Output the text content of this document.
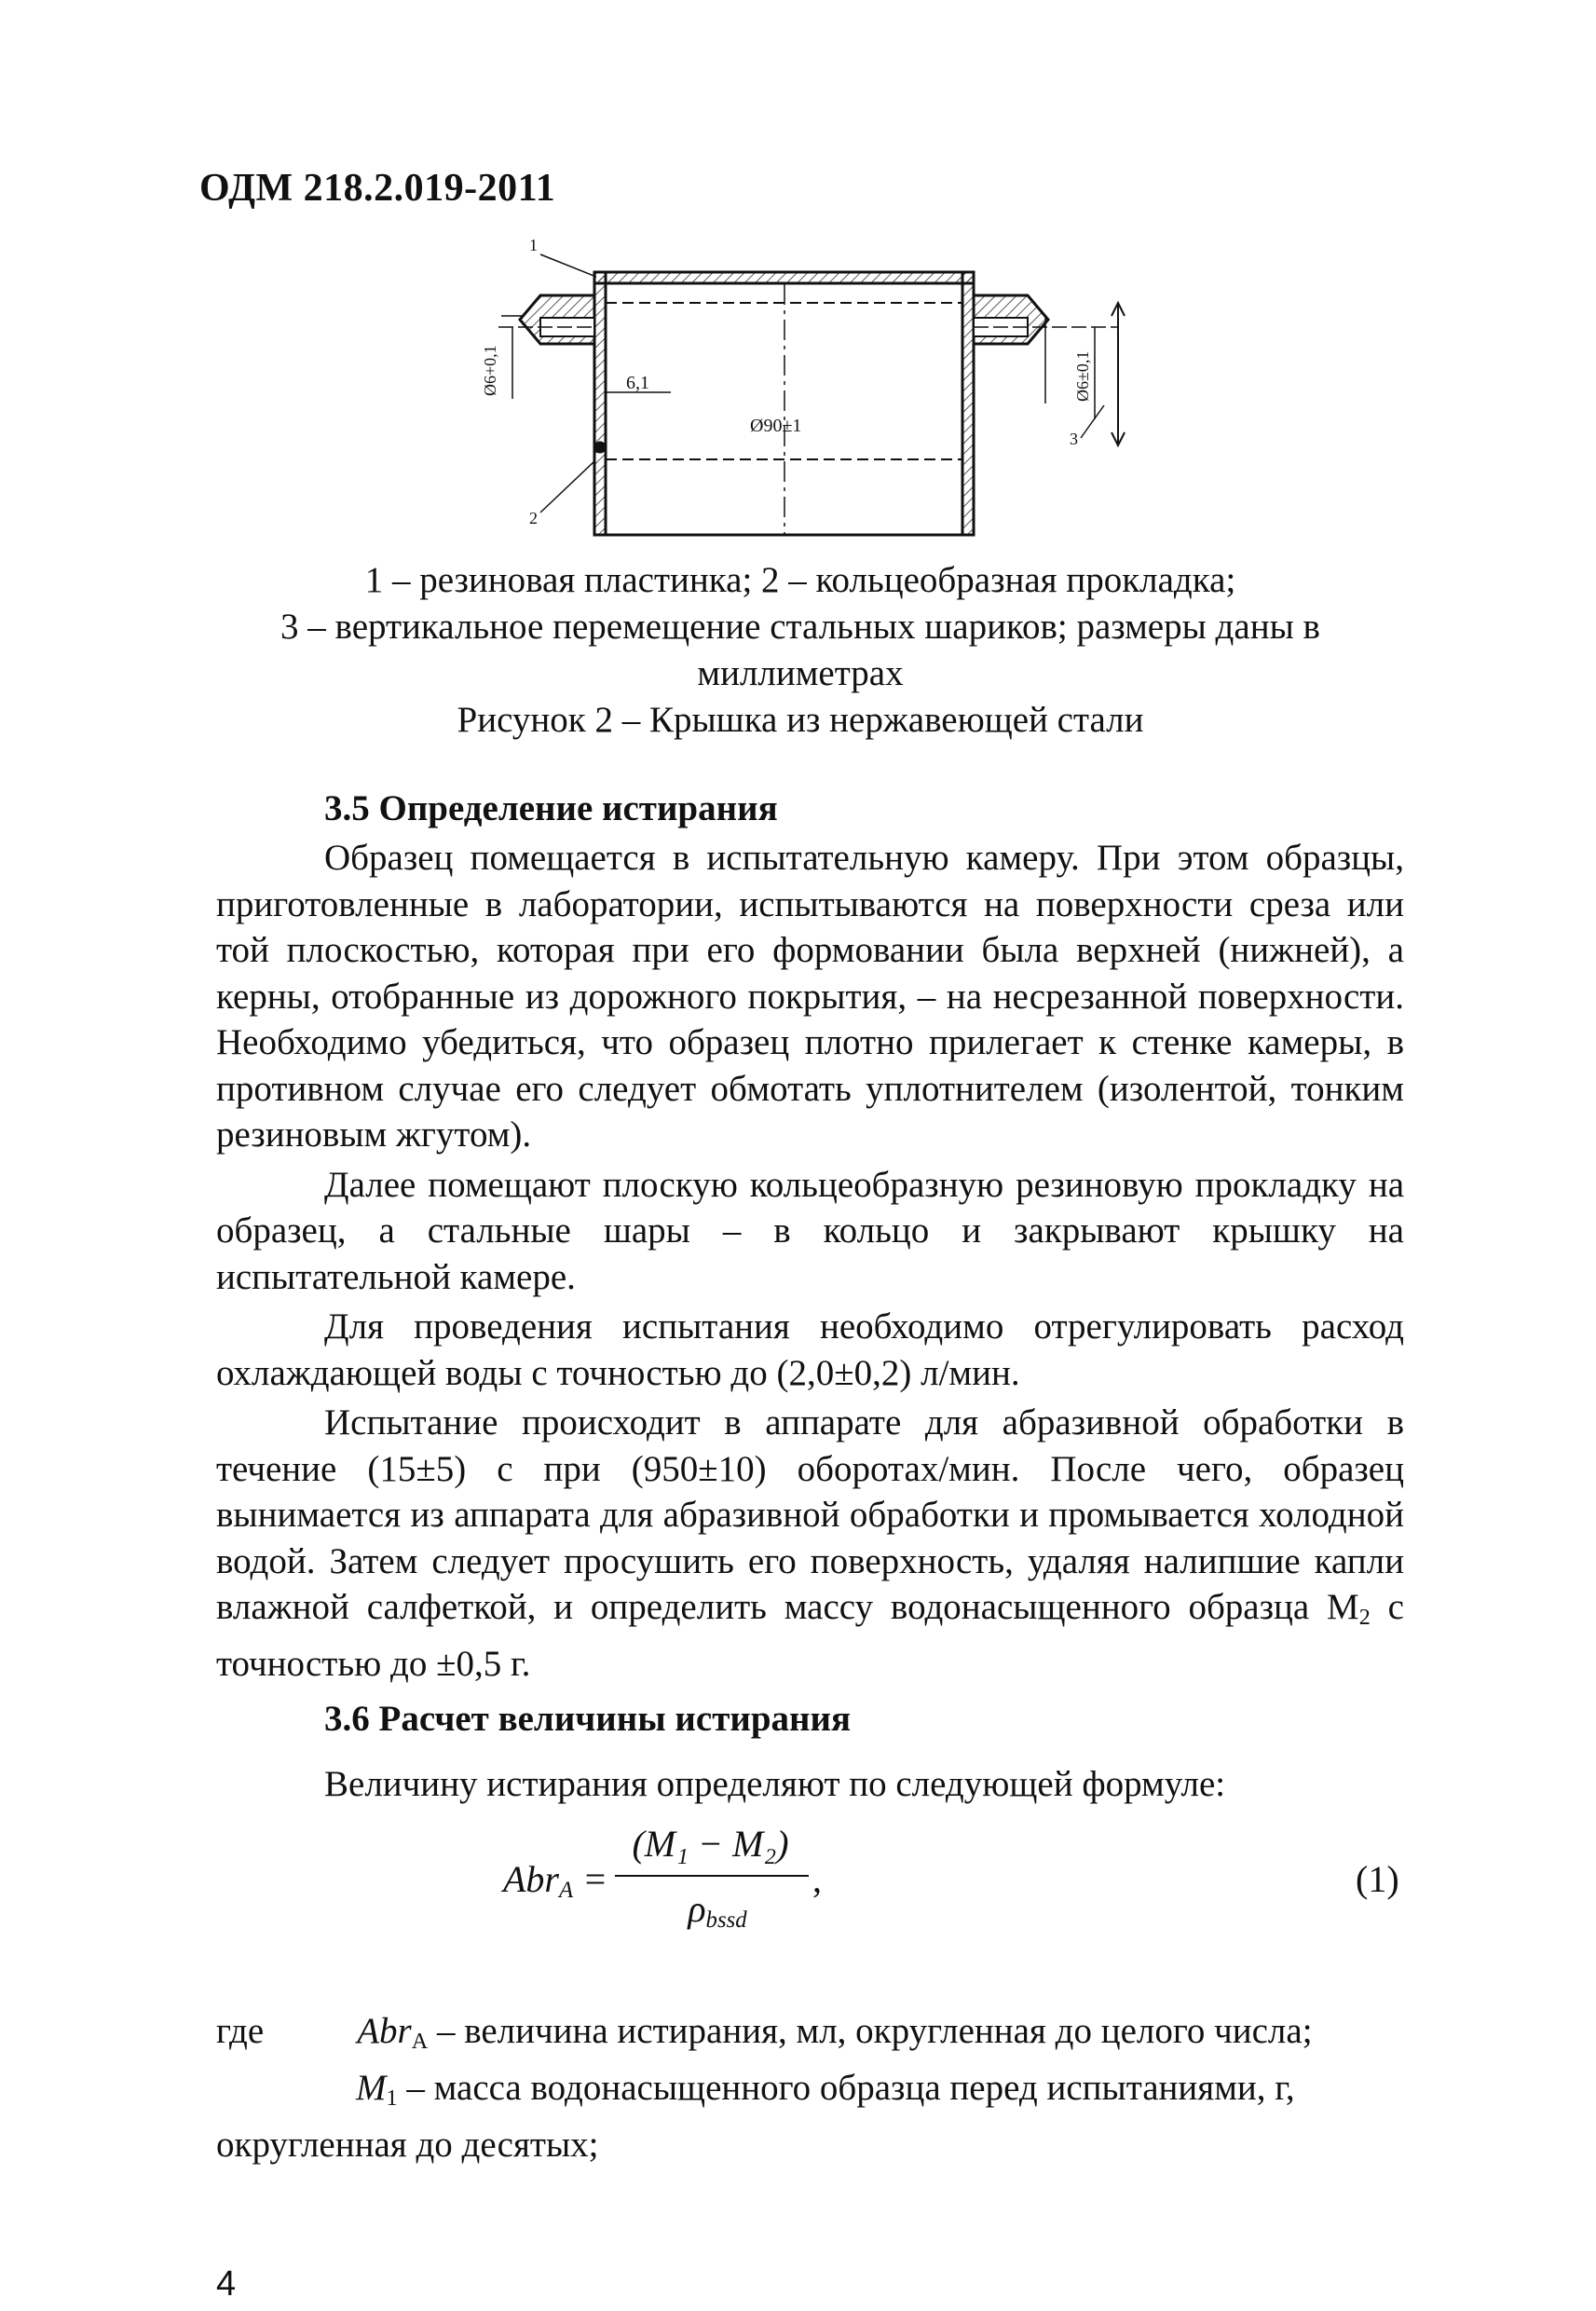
ОДМ 218.2.019-2011
1
2
3
6,1
Ø90±1
Ø6+0,1	Ø6±0,1
1 – резиновая пластинка; 2 – кольцеобразная прокладка;
3 – вертикальное перемещение стальных шариков; размеры даны в
миллиметрах
Рисунок 2 – Крышка из нержавеющей стали
3.5 Определение истирания

Образец помещается в испытательную камеру. При этом образцы, приготовленные в лаборатории, испытываются на поверхности среза или той плоскостью, которая при его формовании была верхней (нижней), а керны, отобранные из дорожного покрытия, – на несрезанной поверхности. Необходимо убедиться, что образец плотно прилегает к стенке камеры, в противном случае его следует обмотать уплотнителем (изолентой, тонким резиновым жгутом).

Далее помещают плоскую кольцеобразную резиновую прокладку на образец, а стальные шары – в кольцо и закрывают крышку на испытательной камере.

Для проведения испытания необходимо отрегулировать расход охлаждающей воды с точностью до (2,0±0,2) л/мин.

Испытание происходит в аппарате для абразивной обработки в течение (15±5) с при (950±10) оборотах/мин. После чего, образец вынимается из аппарата для абразивной обработки и промывается холодной водой. Затем следует просушить его поверхность, удаляя налипшие капли влажной салфеткой, и определить массу водонасыщенного образца $M_2$ с точностью до ±0,5 г.

3.6 Расчет величины истирания
Величину истирания определяют по следующей формуле:
Abr$_A$ =
(M₁ − M₂)
$\rho_{bssd}$
,	(1)
где	Abr$_A$ – величина истирания, мл, округленная до целого числа;
$M_1$ – масса водонасыщенного образца перед испытаниями, г,
округленная до десятых;
4
